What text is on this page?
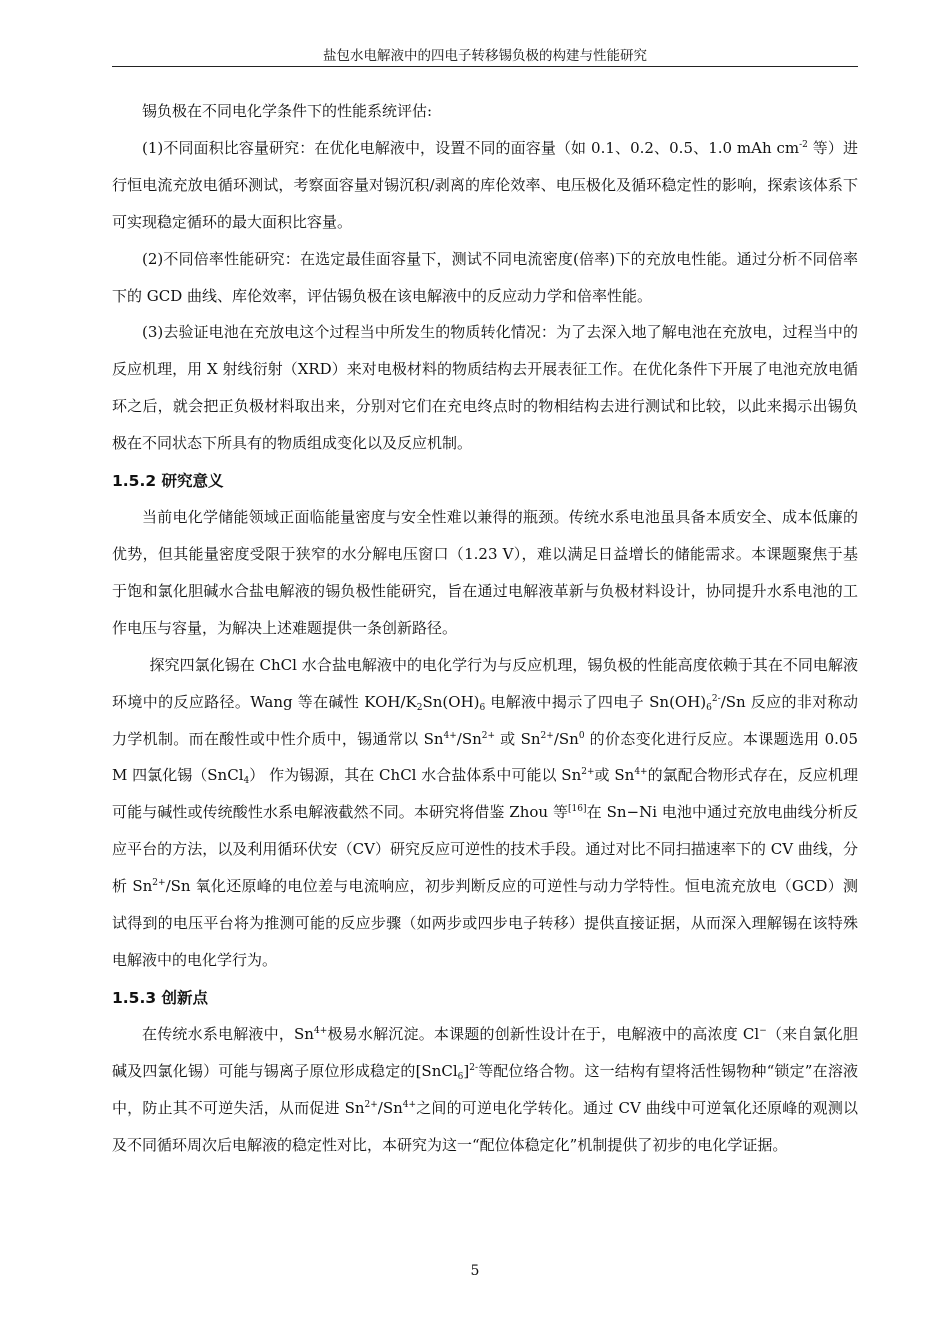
盐包水电解液中的四电子转移锡负极的构建与性能研究

锡负极在不同电化学条件下的性能系统评估:

(1)不同面积比容量研究：在优化电解液中，设置不同的面容量（如 0.1、0.2、0.5、1.0 mAh $cm^{-2}$ 等）进行恒电流充放电循环测试，考察面容量对锡沉积/剥离的库伦效率、电压极化及循环稳定性的影响，探索该体系下可实现稳定循环的最大面积比容量。

(2)不同倍率性能研究：在选定最佳面容量下，测试不同电流密度(倍率)下的充放电性能。通过分析不同倍率下的 GCD 曲线、库伦效率，评估锡负极在该电解液中的反应动力学和倍率性能。

(3)去验证电池在充放电这个过程当中所发生的物质转化情况：为了去深入地了解电池在充放电，过程当中的反应机理，用 X 射线衍射（XRD）来对电极材料的物质结构去开展表征工作。在优化条件下开展了电池充放电循环之后，就会把正负极材料取出来，分别对它们在充电终点时的物相结构去进行测试和比较，以此来揭示出锡负极在不同状态下所具有的物质组成变化以及反应机制。

1.5.2 研究意义

当前电化学储能领域正面临能量密度与安全性难以兼得的瓶颈。传统水系电池虽具备本质安全、成本低廉的优势，但其能量密度受限于狭窄的水分解电压窗口（1.23 V），难以满足日益增长的储能需求。本课题聚焦于基于饱和氯化胆碱水合盐电解液的锡负极性能研究，旨在通过电解液革新与负极材料设计，协同提升水系电池的工作电压与容量，为解决上述难题提供一条创新路径。

探究四氯化锡在 ChCl 水合盐电解液中的电化学行为与反应机理，锡负极的性能高度依赖于其在不同电解液环境中的反应路径。Wang 等在碱性 KOH/$K_2Sn(OH)_6$ 电解液中揭示了四电子 $Sn(OH)_6^{2-}/Sn$ 反应的非对称动力学机制。而在酸性或中性介质中，锡通常以 $Sn^{4+}/Sn^{2+}$ 或 $Sn^{2+}/Sn^0$ 的价态变化进行反应。本课题选用 0.05 M 四氯化锡（SnCl$_4$） 作为锡源，其在 ChCl 水合盐体系中可能以 $Sn^{2+}$或 $Sn^{4+}$的氯配合物形式存在，反应机理可能与碱性或传统酸性水系电解液截然不同。本研究将借鉴 Zhou 等[16]在 Sn−Ni 电池中通过充放电曲线分析反应平台的方法，以及利用循环伏安（CV）研究反应可逆性的技术手段。通过对比不同扫描速率下的 CV 曲线，分析 $Sn^{2+}/Sn$ 氧化还原峰的电位差与电流响应，初步判断反应的可逆性与动力学特性。恒电流充放电（GCD）测试得到的电压平台将为推测可能的反应步骤（如两步或四步电子转移）提供直接证据，从而深入理解锡在该特殊电解液中的电化学行为。

1.5.3 创新点

在传统水系电解液中，$Sn^{4+}$极易水解沉淀。本课题的创新性设计在于，电解液中的高浓度 Cl−（来自氯化胆碱及四氯化锡）可能与锡离子原位形成稳定的[SnCl$_6$]$^{2-}$等配位络合物。这一结构有望将活性锡物种“锁定”在溶液中，防止其不可逆失活，从而促进 $Sn^{2+}/Sn^{4+}$之间的可逆电化学转化。通过 CV 曲线中可逆氧化还原峰的观测以及不同循环周次后电解液的稳定性对比，本研究为这一“配位体稳定化”机制提供了初步的电化学证据。

5
